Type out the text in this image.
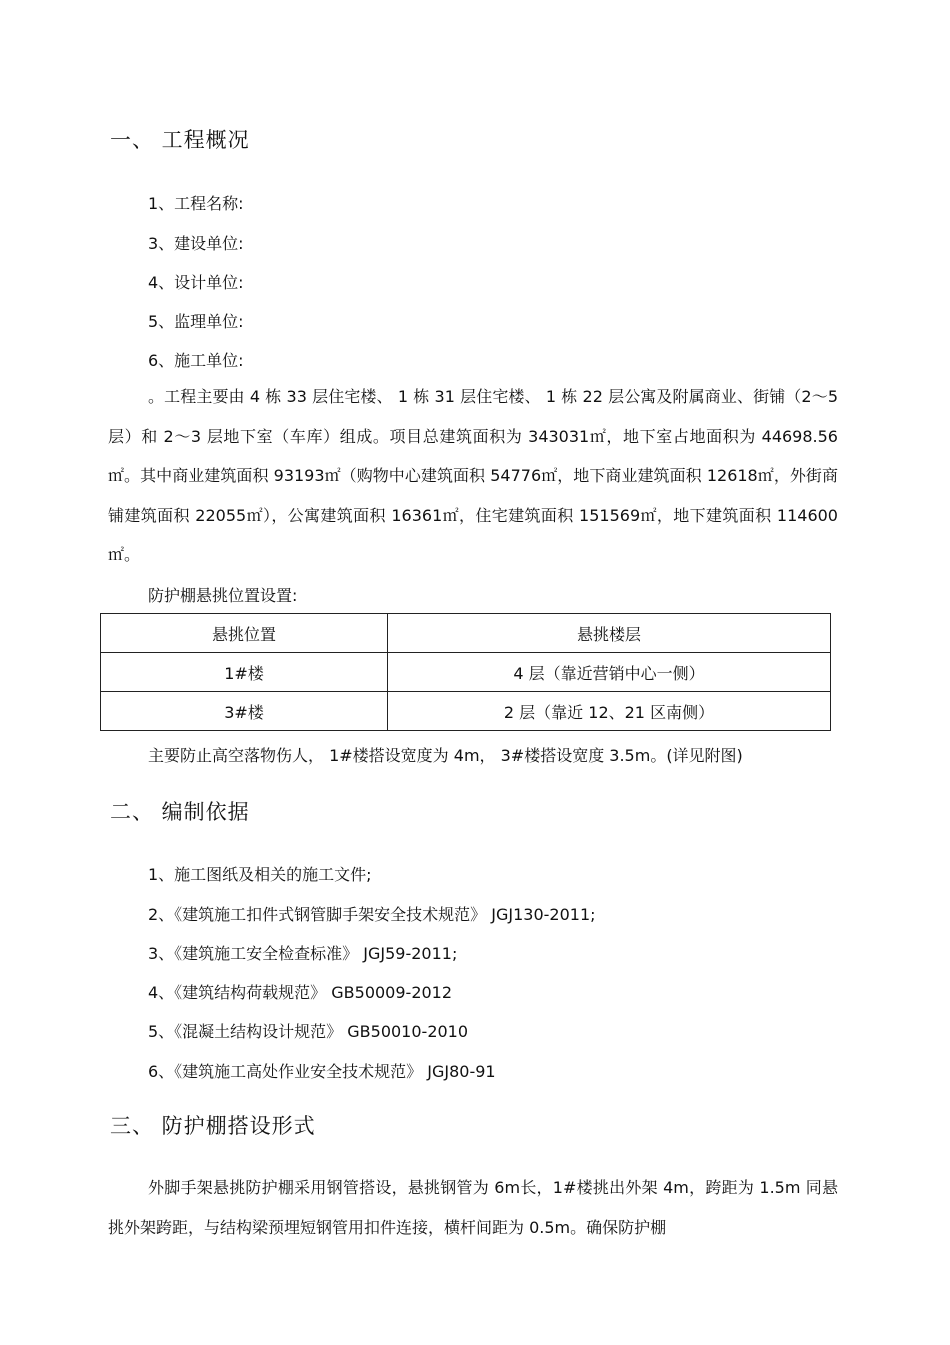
一、 工程概况
1、工程名称:
3、建设单位:
4、设计单位:
5、监理单位:
6、施工单位:
。工程主要由 4 栋 33 层住宅楼、 1 栋 31 层住宅楼、 1 栋 22 层公寓及附属商业、街铺（2～5层）和 2～3 层地下室（车库）组成。项目总建筑面积为 343031㎡，地下室占地面积为 44698.56 ㎡。其中商业建筑面积 93193㎡（购物中心建筑面积 54776㎡，地下商业建筑面积 12618㎡，外街商铺建筑面积 22055㎡），公寓建筑面积 16361㎡，住宅建筑面积 151569㎡，地下建筑面积 114600㎡。
防护棚悬挑位置设置:
悬挑位置	悬挑楼层
1#楼	4 层（靠近营销中心一侧）
3#楼	2 层（靠近 12、21 区南侧）
主要防止高空落物伤人， 1#楼搭设宽度为 4m， 3#楼搭设宽度 3.5m。(详见附图)
二、 编制依据
1、施工图纸及相关的施工文件;
2、《建筑施工扣件式钢管脚手架安全技术规范》 JGJ130-2011;
3、《建筑施工安全检查标准》 JGJ59-2011;
4、《建筑结构荷载规范》 GB50009-2012
5、《混凝土结构设计规范》 GB50010-2010
6、《建筑施工高处作业安全技术规范》 JGJ80-91
三、 防护棚搭设形式
外脚手架悬挑防护棚采用钢管搭设，悬挑钢管为 6m长，1#楼挑出外架 4m，跨距为 1.5m 同悬挑外架跨距，与结构梁预埋短钢管用扣件连接，横杆间距为 0.5m。确保防护棚
